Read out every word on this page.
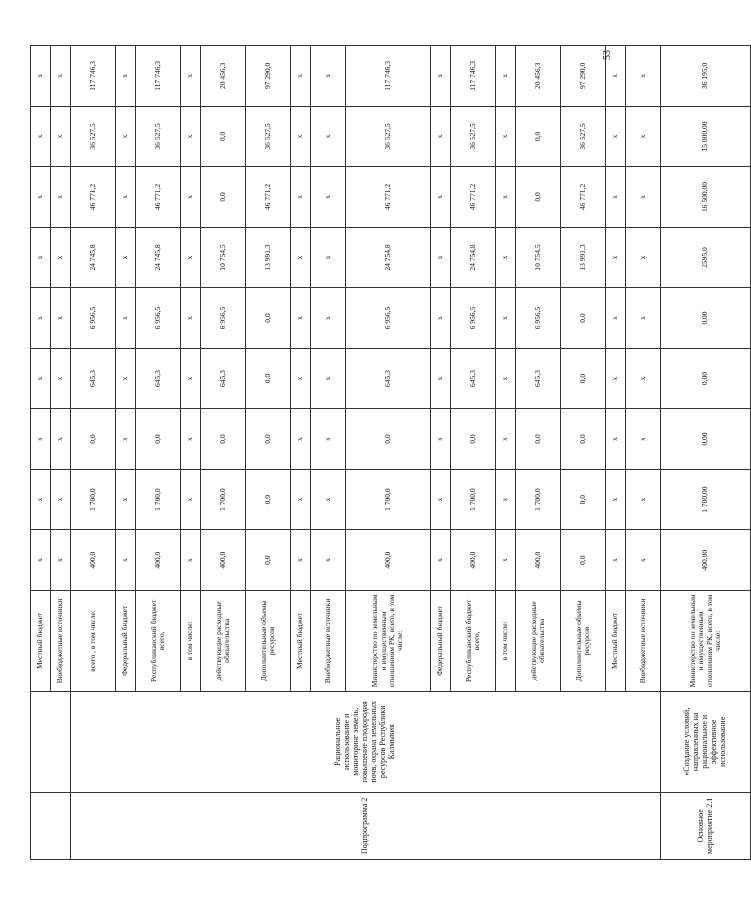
		Местный бюджет	х	х	х	х	х	х	х	х	х
		Внебюджетные источники	х	х	х	х	х	х	х	х	х
Подпрограмма 2	Рациональное использование и мониторинг земель, повышение плодородия почв, охрана земельных ресурсов Республики Калмыкия	всего , в том числе:	400,0	1 700,0	0,0	645,3	6 956,5	24 745,8	46 771,2	36 527,5	117 746,3
		Федеральный бюджет	х	х	х	х	х	х	х	х	х
		Республиканский бюджет всего,	400,0	1 700,0	0,0	645,3	6 956,5	24 745,8	46 771,2	36 527,5	117 746,3
		в том числе:	х	х	х	х	х	х	х	х	х
		действующие расходные обязательства	400,0	1 700,0	0,0	645,3	6 956,5	10 754,5	0,0	0,0	20 456,3
		Дополнительные объемы ресурсов	0,0	0,0	0,0	0,0	0,0	13 991,3	46 771,2	36 527,5	97 290,0
		Местный бюджет	х	х	х	х	х	х	х	х	х
		Внебюджетные источники	х	х	х	х	х	х	х	х	х
		Министерство по земельным и имущественным отношениям РК, всего, в том числе:	400,0	1 700,0	0,0	645,3	6 956,5	24 754,8	46 771,2	36 527,5	117 746,3
		Федеральный бюджет	х	х	х	х	х	х	х	х	х
		Республиканский бюджет всего,	400,0	1 700,0	0,0	645,3	6 956,5	24 754,8	46 771,2	36 527,5	117 746,3
		в том числе:	х	х	х	х	х	х	х	х	х
		действующие расходные обязательства	400,0	1 700,0	0,0	645,3	6 956,5	10 754,5	0,0	0,0	20 456,3
		Дополнительные объемы ресурсов	0,0	0,0	0,0	0,0	0,0	13 991,3	46 771,2	36 527,5	97 290,0
		Местный бюджет	х	х	х	х	х	х	х	х	х
		Внебюджетные источники	х	х	х	х	х	х	х	х	х
Основное мероприятие 2.1	«Создание условий, направленных на рациональное и эффективное использование	Министерство по земельным и имущественным отношениям РК, всего, в том числе:	400,00	1 700,00	0,00	0,00	0,00	2595,0	16 500,00	15 000,00	36 195,0
53
